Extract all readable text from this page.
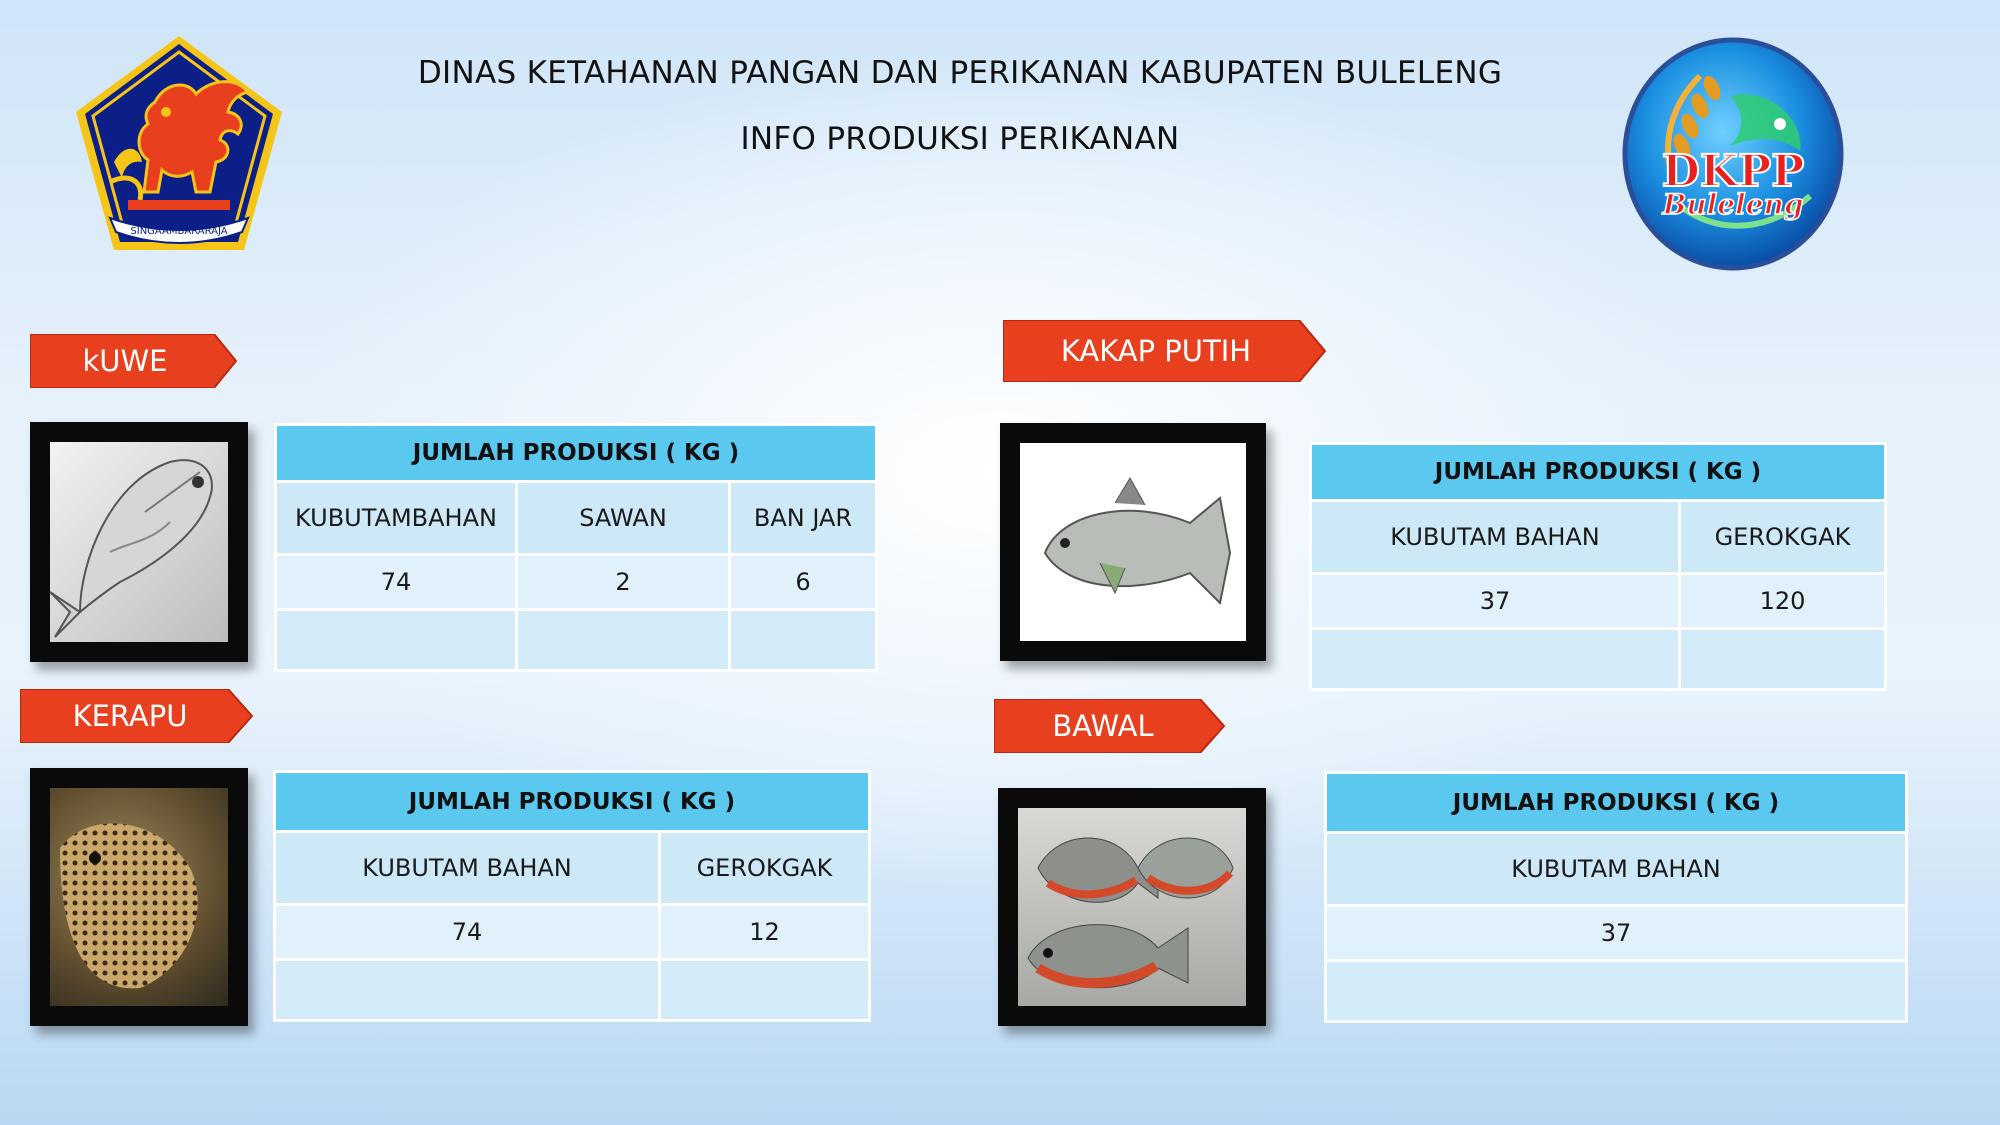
DINAS KETAHANAN PANGAN DAN PERIKANAN KABUPATEN BULELENG
INFO PRODUKSI PERIKANAN
SINGAAMBARARAJA
DKPP
Buleleng
kUWE
JUMLAH PRODUKSI ( KG )		
KUBUTAMBAHAN	SAWAN	BAN JAR
74	2	6

KAKAP PUTIH
JUMLAH PRODUKSI ( KG )	
KUBUTAM BAHAN	GEROKGAK
37	120

KERAPU
JUMLAH PRODUKSI ( KG )	
KUBUTAM BAHAN	GEROKGAK
74	12

BAWAL
JUMLAH PRODUKSI ( KG )
KUBUTAM BAHAN
37
